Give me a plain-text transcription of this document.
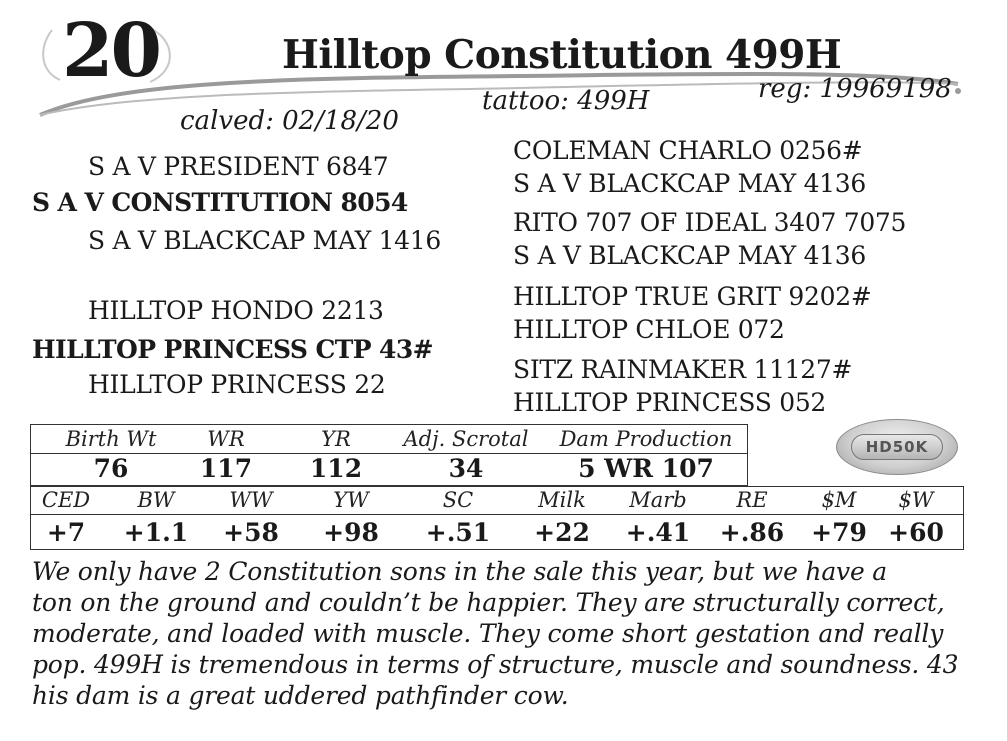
20	Hilltop Constitution 499H
reg: 19969198
tattoo: 499H
calved: 02/18/20
S A V PRESIDENT 6847
S A V CONSTITUTION 8054
S A V BLACKCAP MAY 1416
HILLTOP HONDO 2213
HILLTOP PRINCESS CTP 43#
HILLTOP PRINCESS 22
COLEMAN CHARLO 0256#
S A V BLACKCAP MAY 4136
RITO 707 OF IDEAL 3407 7075
S A V BLACKCAP MAY 4136
HILLTOP TRUE GRIT 9202#
HILLTOP CHLOE 072
SITZ RAINMAKER 11127#
HILLTOP PRINCESS 052
Birth Wt	WR	YR	Adj. Scrotal	Dam Production
76	117	112	34	5 WR 107
HD50K
CED	BW	WW	YW	SC	Milk	Marb	RE	$M	$W
+7	+1.1 +58 +98 +.51 +22 +.41 +.86 +79 +60
We only have 2 Constitution sons in the sale this year, but we have a
ton on the ground and couldn’t be happier. They are structurally correct,
moderate, and loaded with muscle. They come short gestation and really
pop. 499H is tremendous in terms of structure, muscle and soundness. 43
his dam is a great uddered pathfinder cow.
